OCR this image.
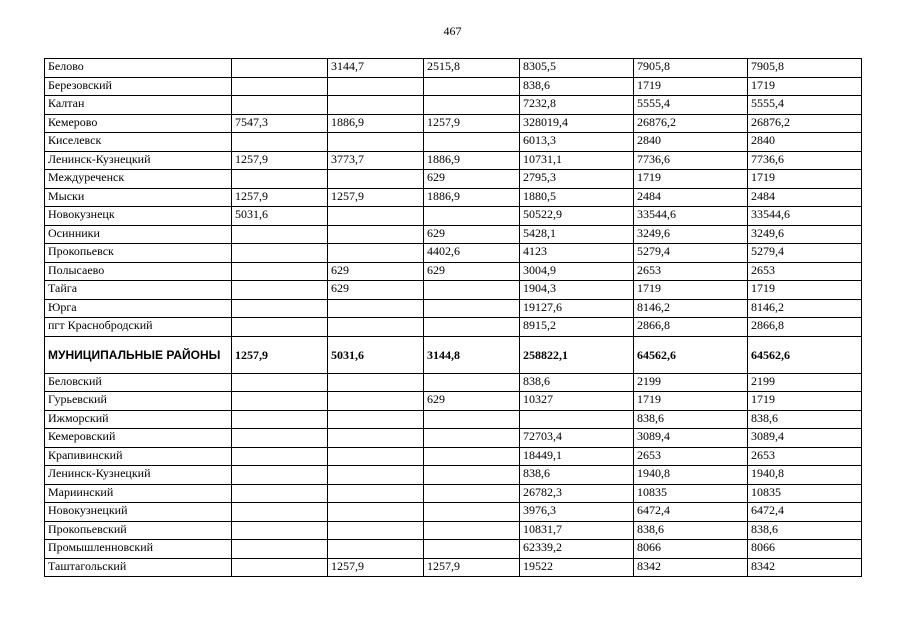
467
Белово		3144,7	2515,8	8305,5	7905,8	7905,8
Березовский				838,6	1719	1719
Калтан				7232,8	5555,4	5555,4
Кемерово	7547,3	1886,9	1257,9	328019,4	26876,2	26876,2
Киселевск				6013,3	2840	2840
Ленинск-Кузнецкий	1257,9	3773,7	1886,9	10731,1	7736,6	7736,6
Междуреченск			629	2795,3	1719	1719
Мыски	1257,9	1257,9	1886,9	1880,5	2484	2484
Новокузнецк	5031,6			50522,9	33544,6	33544,6
Осинники			629	5428,1	3249,6	3249,6
Прокопьевск			4402,6	4123	5279,4	5279,4
Полысаево		629	629	3004,9	2653	2653
Тайга		629		1904,3	1719	1719
Юрга				19127,6	8146,2	8146,2
пгт Краснобродский				8915,2	2866,8	2866,8
МУНИЦИПАЛЬНЫЕ РАЙОНЫ	1257,9	5031,6	3144,8	258822,1	64562,6	64562,6
Беловский				838,6	2199	2199
Гурьевский			629	10327	1719	1719
Ижморский					838,6	838,6
Кемеровский				72703,4	3089,4	3089,4
Крапивинский				18449,1	2653	2653
Ленинск-Кузнецкий				838,6	1940,8	1940,8
Мариинский				26782,3	10835	10835
Новокузнецкий				3976,3	6472,4	6472,4
Прокопьевский				10831,7	838,6	838,6
Промышленновский				62339,2	8066	8066
Таштагольский		1257,9	1257,9	19522	8342	8342
